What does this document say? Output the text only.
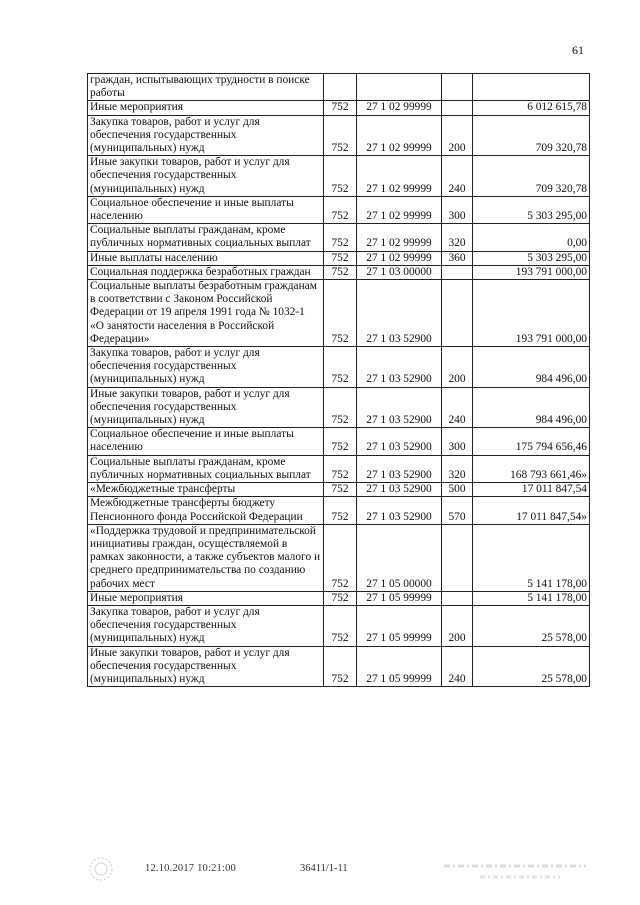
61
граждан, испытывающих трудности в поиске работы				
Иные мероприятия	752	27 1 02 99999		6 012 615,78
Закупка товаров, работ и услуг для обеспечения государственных (муниципальных) нужд	752	27 1 02 99999	200	709 320,78
Иные закупки товаров, работ и услуг для обеспечения государственных (муниципальных) нужд	752	27 1 02 99999	240	709 320,78
Социальное обеспечение и иные выплаты населению	752	27 1 02 99999	300	5 303 295,00
Социальные выплаты гражданам, кроме публичных нормативных социальных выплат	752	27 1 02 99999	320	0,00
Иные выплаты населению	752	27 1 02 99999	360	5 303 295,00
Социальная поддержка безработных граждан	752	27 1 03 00000		193 791 000,00
Социальные выплаты безработным гражданам в соответствии с Законом Российской Федерации от 19 апреля 1991 года № 1032-1 «О занятости населения в Российской Федерации»	752	27 1 03 52900		193 791 000,00
Закупка товаров, работ и услуг для обеспечения государственных (муниципальных) нужд	752	27 1 03 52900	200	984 496,00
Иные закупки товаров, работ и услуг для обеспечения государственных (муниципальных) нужд	752	27 1 03 52900	240	984 496,00
Социальное обеспечение и иные выплаты населению	752	27 1 03 52900	300	175 794 656,46
Социальные выплаты гражданам, кроме публичных нормативных социальных выплат	752	27 1 03 52900	320	168 793 661,46»
«Межбюджетные трансферты	752	27 1 03 52900	500	17 011 847,54
Межбюджетные трансферты бюджету Пенсионного фонда Российской Федерации	752	27 1 03 52900	570	17 011 847,54»
«Поддержка трудовой и предпринимательской инициативы граждан, осуществляемой в рамках законности, а также субъектов малого и среднего предпринимательства по созданию рабочих мест	752	27 1 05 00000		5 141 178,00
Иные мероприятия	752	27 1 05 99999		5 141 178,00
Закупка товаров, работ и услуг для обеспечения государственных (муниципальных) нужд	752	27 1 05 99999	200	25 578,00
Иные закупки товаров, работ и услуг для обеспечения государственных (муниципальных) нужд	752	27 1 05 99999	240	25 578,00
12.10.2017 10:21:00	36411/1-11
